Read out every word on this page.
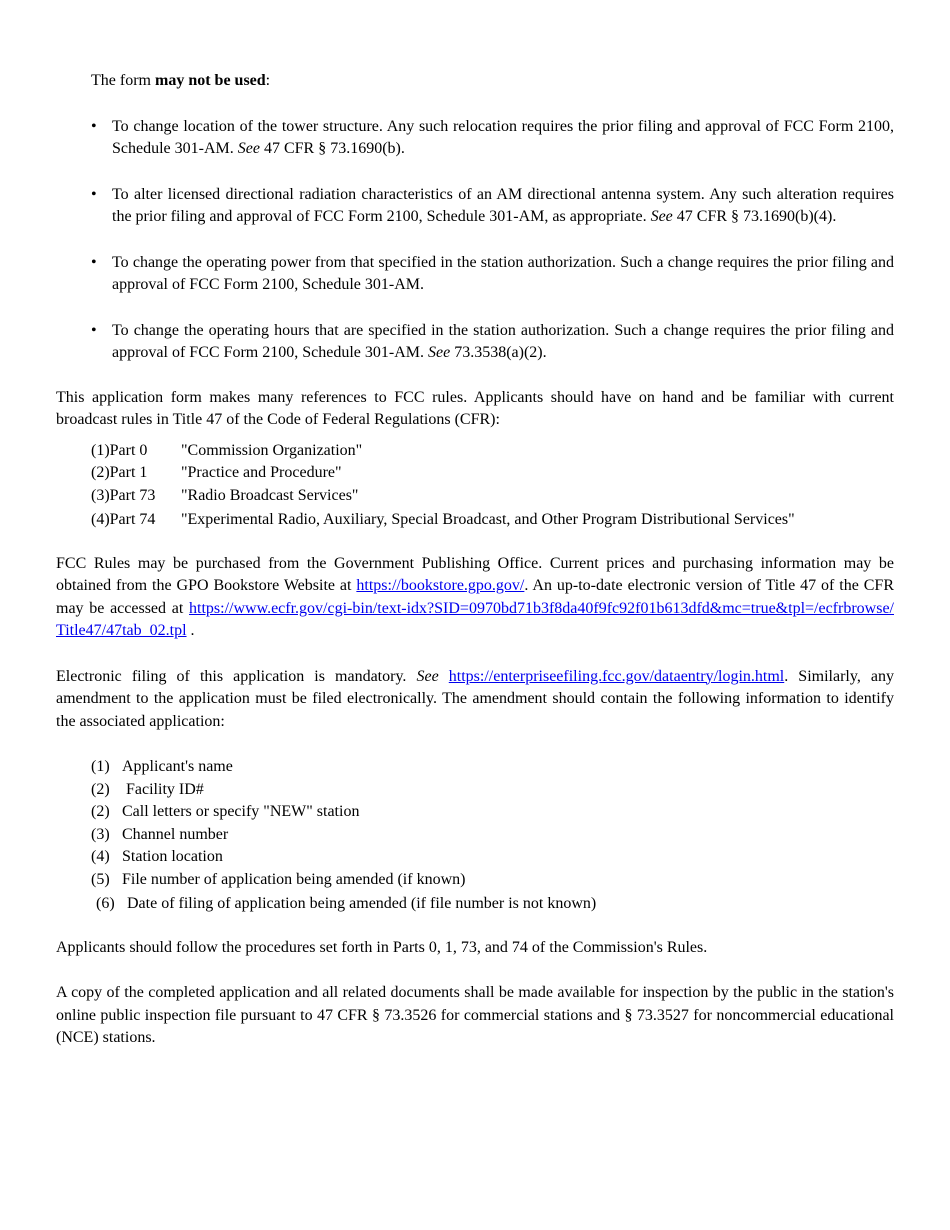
The form may not be used:

• To change location of the tower structure. Any such relocation requires the prior filing and approval of FCC Form 2100, Schedule 301-AM. See 47 CFR § 73.1690(b).
• To alter licensed directional radiation characteristics of an AM directional antenna system. Any such alteration requires the prior filing and approval of FCC Form 2100, Schedule 301-AM, as appropriate. See 47 CFR § 73.1690(b)(4).
• To change the operating power from that specified in the station authorization. Such a change requires the prior filing and approval of FCC Form 2100, Schedule 301-AM.
• To change the operating hours that are specified in the station authorization. Such a change requires the prior filing and approval of FCC Form 2100, Schedule 301-AM. See 73.3538(a)(2).

This application form makes many references to FCC rules. Applicants should have on hand and be familiar with current broadcast rules in Title 47 of the Code of Federal Regulations (CFR):

(1)Part 0	"Commission Organization"
(2)Part 1	"Practice and Procedure"
(3)Part 73	"Radio Broadcast Services"
(4)Part 74	"Experimental Radio, Auxiliary, Special Broadcast, and Other Program Distributional Services"

FCC Rules may be purchased from the Government Publishing Office. Current prices and purchasing information may be obtained from the GPO Bookstore Website at https://bookstore.gpo.gov/. An up-to-date electronic version of Title 47 of the CFR may be accessed at https://www.ecfr.gov/cgi-bin/text-idx?SID=0970bd71b3f8da40f9fc92f01b613dfd&mc=true&tpl=/ecfrbrowse/Title47/47tab_02.tpl .

Electronic filing of this application is mandatory. See https://enterpriseefiling.fcc.gov/dataentry/login.html. Similarly, any amendment to the application must be filed electronically. The amendment should contain the following information to identify the associated application:

(1) Applicant's name
(2) Facility ID#
(2) Call letters or specify "NEW" station
(3) Channel number
(4) Station location
(5) File number of application being amended (if known)
(6) Date of filing of application being amended (if file number is not known)

Applicants should follow the procedures set forth in Parts 0, 1, 73, and 74 of the Commission's Rules.

A copy of the completed application and all related documents shall be made available for inspection by the public in the station's online public inspection file pursuant to 47 CFR § 73.3526 for commercial stations and § 73.3527 for noncommercial educational (NCE) stations.
